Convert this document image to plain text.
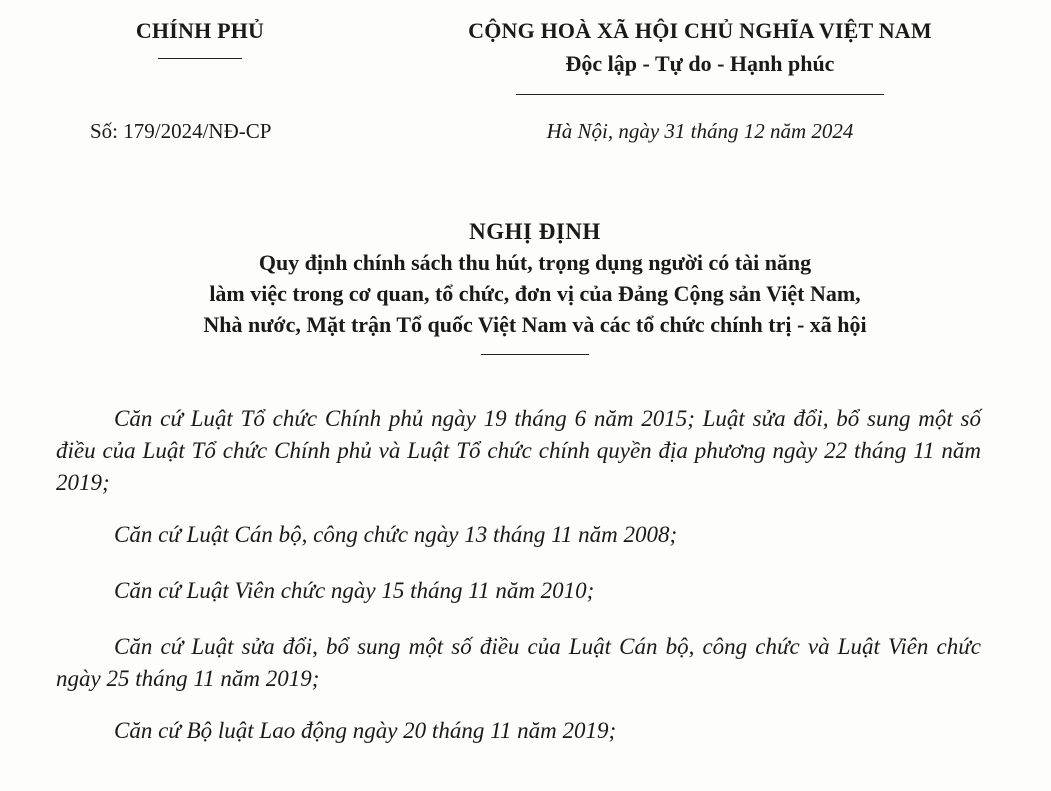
CHÍNH PHỦ	CỘNG HOÀ XÃ HỘI CHỦ NGHĨA VIỆT NAM
Độc lập - Tự do - Hạnh phúc
Số: 179/2024/NĐ-CP	Hà Nội, ngày 31 tháng 12 năm 2024
NGHỊ ĐỊNH
Quy định chính sách thu hút, trọng dụng người có tài năng
làm việc trong cơ quan, tổ chức, đơn vị của Đảng Cộng sản Việt Nam,
Nhà nước, Mặt trận Tổ quốc Việt Nam và các tổ chức chính trị - xã hội

Căn cứ Luật Tổ chức Chính phủ ngày 19 tháng 6 năm 2015; Luật sửa đổi, bổ sung một số điều của Luật Tổ chức Chính phủ và Luật Tổ chức chính quyền địa phương ngày 22 tháng 11 năm 2019;

Căn cứ Luật Cán bộ, công chức ngày 13 tháng 11 năm 2008;

Căn cứ Luật Viên chức ngày 15 tháng 11 năm 2010;

Căn cứ Luật sửa đổi, bổ sung một số điều của Luật Cán bộ, công chức và Luật Viên chức ngày 25 tháng 11 năm 2019;

Căn cứ Bộ luật Lao động ngày 20 tháng 11 năm 2019;
